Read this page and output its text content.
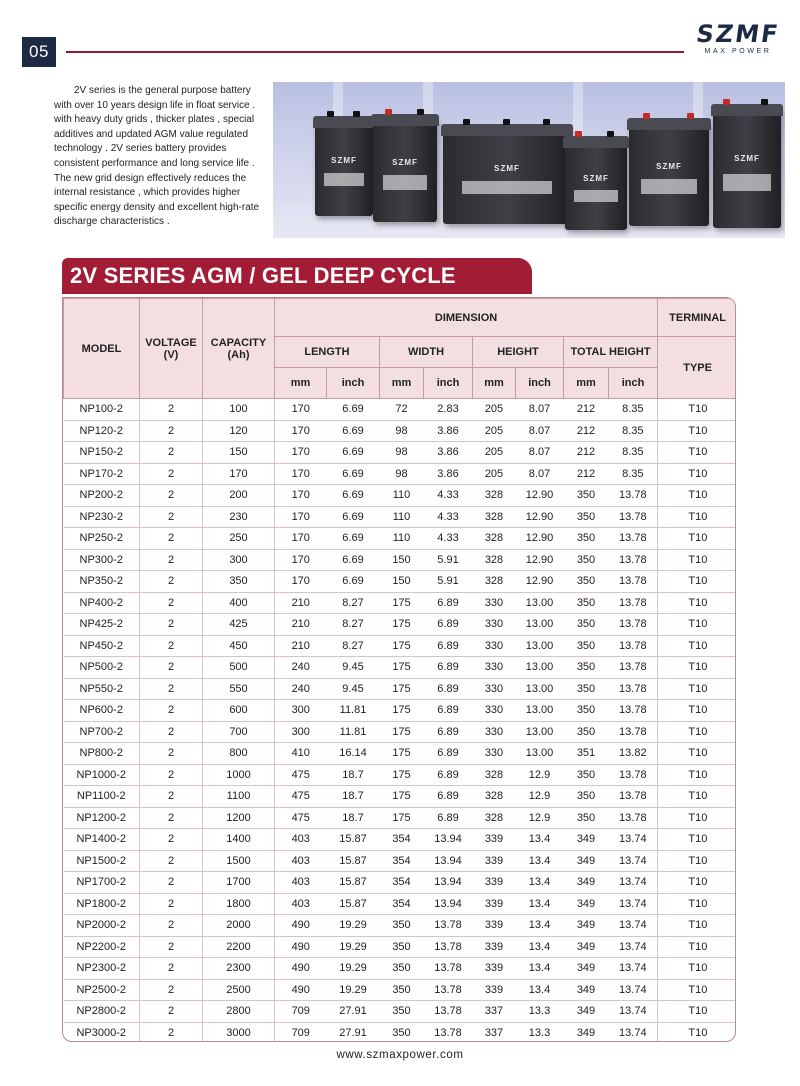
05
SZMF
MAX POWER

2V series is the general purpose battery with over 10 years design life in float service . with heavy duty grids , thicker plates , special additives and updated AGM value regulated technology . 2V series battery provides consistent performance and long service life . The new grid design effectively reduces the internal resistance , which provides higher specific energy density and excellent high-rate discharge characteristics .

SZMF	SZMF
SZMF
SZMF
SZMF
SZMF
2V SERIES AGM / GEL DEEP CYCLE
MODEL	VOLTAGE (V)	CAPACITY (Ah)	DIMENSION								TERMINAL
			LENGTH		WIDTH		HEIGHT		TOTAL HEIGHT		TYPE
			mm	inch	mm	inch	mm	inch	mm	inch	
NP100-2	2	100	170	6.69	72	2.83	205	8.07	212	8.35	T10
NP120-2	2	120	170	6.69	98	3.86	205	8.07	212	8.35	T10
NP150-2	2	150	170	6.69	98	3.86	205	8.07	212	8.35	T10
NP170-2	2	170	170	6.69	98	3.86	205	8.07	212	8.35	T10
NP200-2	2	200	170	6.69	110	4.33	328	12.90	350	13.78	T10
NP230-2	2	230	170	6.69	110	4.33	328	12.90	350	13.78	T10
NP250-2	2	250	170	6.69	110	4.33	328	12.90	350	13.78	T10
NP300-2	2	300	170	6.69	150	5.91	328	12.90	350	13.78	T10
NP350-2	2	350	170	6.69	150	5.91	328	12.90	350	13.78	T10
NP400-2	2	400	210	8.27	175	6.89	330	13.00	350	13.78	T10
NP425-2	2	425	210	8.27	175	6.89	330	13.00	350	13.78	T10
NP450-2	2	450	210	8.27	175	6.89	330	13.00	350	13.78	T10
NP500-2	2	500	240	9.45	175	6.89	330	13.00	350	13.78	T10
NP550-2	2	550	240	9.45	175	6.89	330	13.00	350	13.78	T10
NP600-2	2	600	300	11.81	175	6.89	330	13.00	350	13.78	T10
NP700-2	2	700	300	11.81	175	6.89	330	13.00	350	13.78	T10
NP800-2	2	800	410	16.14	175	6.89	330	13.00	351	13.82	T10
NP1000-2	2	1000	475	18.7	175	6.89	328	12.9	350	13.78	T10
NP1100-2	2	1100	475	18.7	175	6.89	328	12.9	350	13.78	T10
NP1200-2	2	1200	475	18.7	175	6.89	328	12.9	350	13.78	T10
NP1400-2	2	1400	403	15.87	354	13.94	339	13.4	349	13.74	T10
NP1500-2	2	1500	403	15.87	354	13.94	339	13.4	349	13.74	T10
NP1700-2	2	1700	403	15.87	354	13.94	339	13.4	349	13.74	T10
NP1800-2	2	1800	403	15.87	354	13.94	339	13.4	349	13.74	T10
NP2000-2	2	2000	490	19.29	350	13.78	339	13.4	349	13.74	T10
NP2200-2	2	2200	490	19.29	350	13.78	339	13.4	349	13.74	T10
NP2300-2	2	2300	490	19.29	350	13.78	339	13.4	349	13.74	T10
NP2500-2	2	2500	490	19.29	350	13.78	339	13.4	349	13.74	T10
NP2800-2	2	2800	709	27.91	350	13.78	337	13.3	349	13.74	T10
NP3000-2	2	3000	709	27.91	350	13.78	337	13.3	349	13.74	T10
www.szmaxpower.com
